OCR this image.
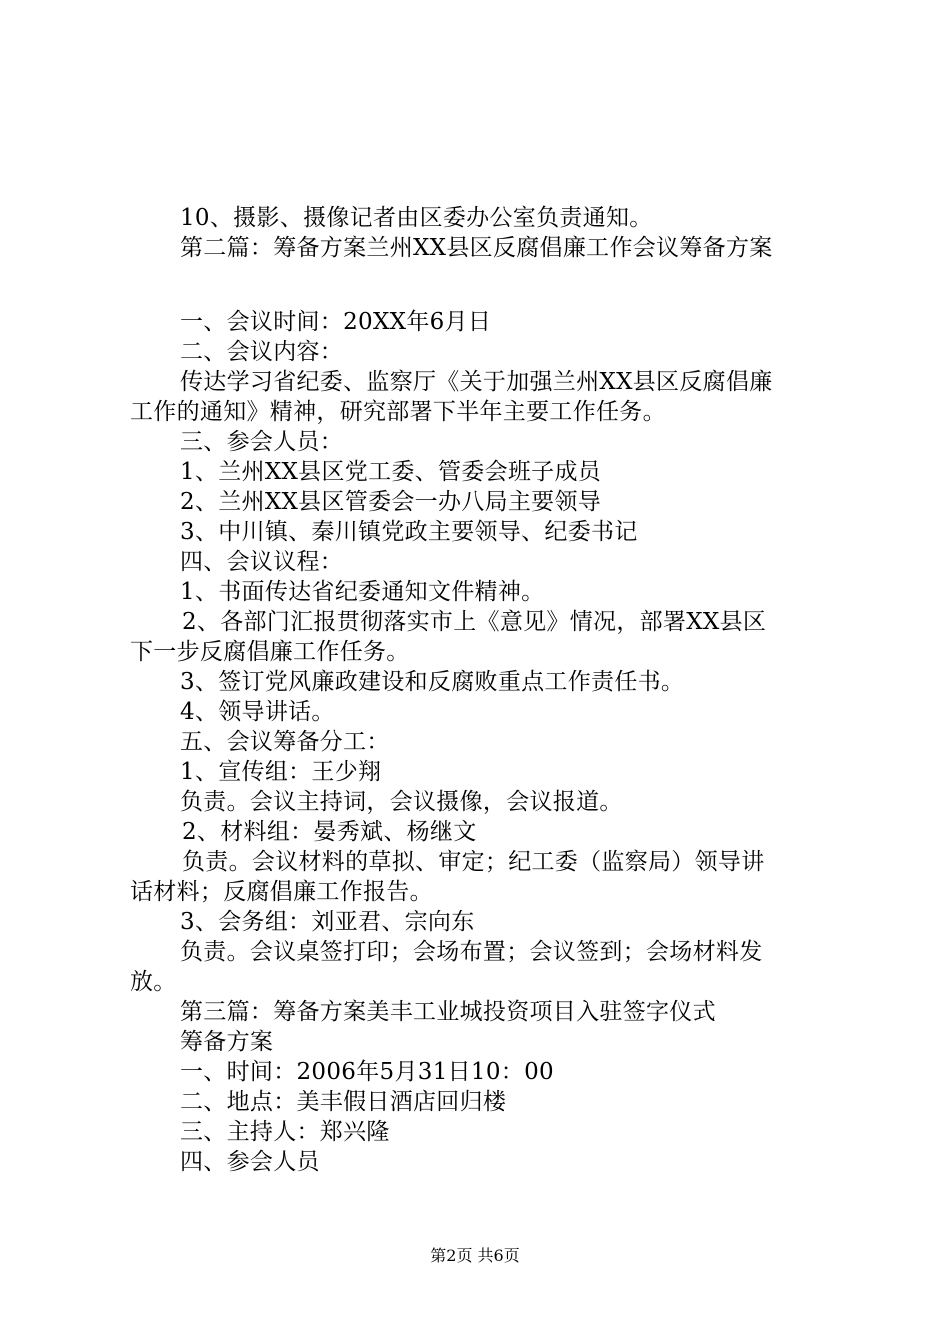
10、摄影、摄像记者由区委办公室负责通知。
第二篇：筹备方案兰州XX县区反腐倡廉工作会议筹备方案
一、会议时间：20XX年6月日
二、会议内容：
传达学习省纪委、监察厅《关于加强兰州XX县区反腐倡廉
工作的通知》精神，研究部署下半年主要工作任务。
三、参会人员：
1、兰州XX县区党工委、管委会班子成员
2、兰州XX县区管委会一办八局主要领导
3、中川镇、秦川镇党政主要领导、纪委书记
四、会议议程：
1、书面传达省纪委通知文件精神。
2、各部门汇报贯彻落实市上《意见》情况，部署XX县区
下一步反腐倡廉工作任务。
3、签订党风廉政建设和反腐败重点工作责任书。
4、领导讲话。
五、会议筹备分工：
1、宣传组：王少翔
负责。会议主持词，会议摄像，会议报道。
2、材料组：晏秀斌、杨继文
负责。会议材料的草拟、审定；纪工委（监察局）领导讲
话材料；反腐倡廉工作报告。
3、会务组：刘亚君、宗向东
负责。会议桌签打印；会场布置；会议签到；会场材料发
放。
第三篇：筹备方案美丰工业城投资项目入驻签字仪式
筹备方案
一、时间：2006年5月31日10：00
二、地点：美丰假日酒店回归楼
三、主持人：郑兴隆
四、参会人员
第2页 共6页
